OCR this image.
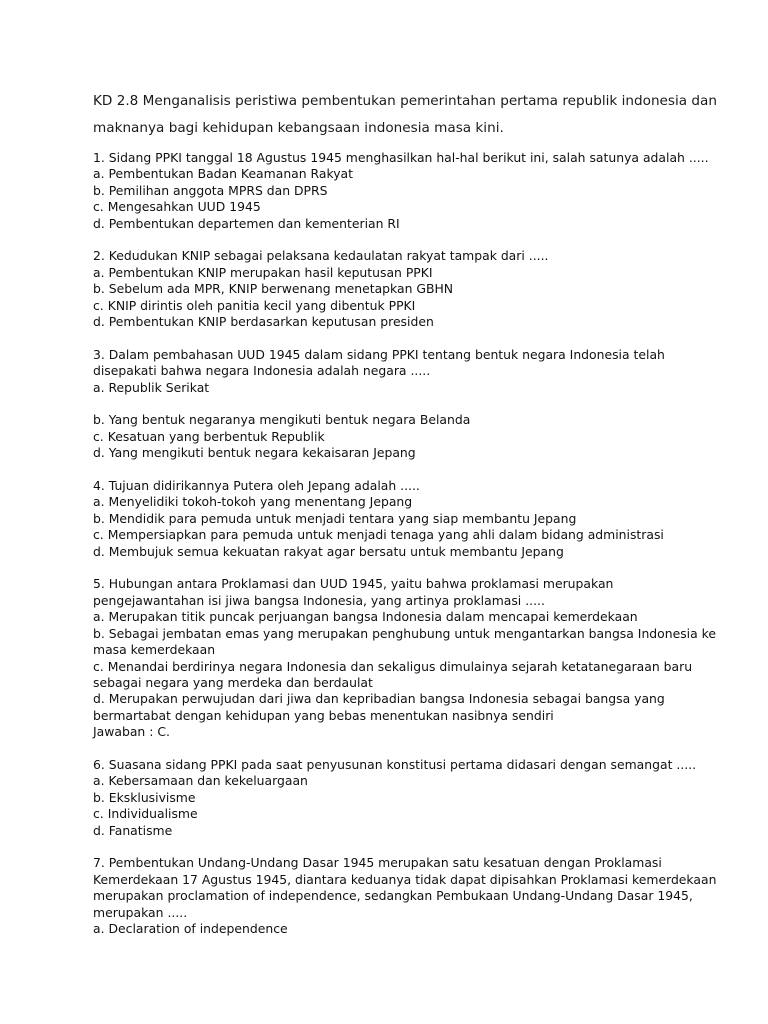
KD 2.8 Menganalisis peristiwa pembentukan pemerintahan pertama republik indonesia dan
maknanya bagi kehidupan kebangsaan indonesia masa kini.
1. Sidang PPKI tanggal 18 Agustus 1945 menghasilkan hal-hal berikut ini, salah satunya adalah .....
a. Pembentukan Badan Keamanan Rakyat
b. Pemilihan anggota MPRS dan DPRS
c. Mengesahkan UUD 1945
d. Pembentukan departemen dan kementerian RI
2. Kedudukan KNIP sebagai pelaksana kedaulatan rakyat tampak dari .....
a. Pembentukan KNIP merupakan hasil keputusan PPKI
b. Sebelum ada MPR, KNIP berwenang menetapkan GBHN
c. KNIP dirintis oleh panitia kecil yang dibentuk PPKI
d. Pembentukan KNIP berdasarkan keputusan presiden
3. Dalam pembahasan UUD 1945 dalam sidang PPKI tentang bentuk negara Indonesia telah
disepakati bahwa negara Indonesia adalah negara .....
a. Republik Serikat
b. Yang bentuk negaranya mengikuti bentuk negara Belanda
c. Kesatuan yang berbentuk Republik
d. Yang mengikuti bentuk negara kekaisaran Jepang
4. Tujuan didirikannya Putera oleh Jepang adalah .....
a. Menyelidiki tokoh-tokoh yang menentang Jepang
b. Mendidik para pemuda untuk menjadi tentara yang siap membantu Jepang
c. Mempersiapkan para pemuda untuk menjadi tenaga yang ahli dalam bidang administrasi
d. Membujuk semua kekuatan rakyat agar bersatu untuk membantu Jepang
5. Hubungan antara Proklamasi dan UUD 1945, yaitu bahwa proklamasi merupakan
pengejawantahan isi jiwa bangsa Indonesia, yang artinya proklamasi .....
a. Merupakan titik puncak perjuangan bangsa Indonesia dalam mencapai kemerdekaan
b. Sebagai jembatan emas yang merupakan penghubung untuk mengantarkan bangsa Indonesia ke
masa kemerdekaan
c. Menandai berdirinya negara Indonesia dan sekaligus dimulainya sejarah ketatanegaraan baru
sebagai negara yang merdeka dan berdaulat
d. Merupakan perwujudan dari jiwa dan kepribadian bangsa Indonesia sebagai bangsa yang
bermartabat dengan kehidupan yang bebas menentukan nasibnya sendiri
Jawaban : C.
6. Suasana sidang PPKI pada saat penyusunan konstitusi pertama didasari dengan semangat .....
a. Kebersamaan dan kekeluargaan
b. Eksklusivisme
c. Individualisme
d. Fanatisme
7. Pembentukan Undang-Undang Dasar 1945 merupakan satu kesatuan dengan Proklamasi
Kemerdekaan 17 Agustus 1945, diantara keduanya tidak dapat dipisahkan Proklamasi kemerdekaan
merupakan proclamation of independence, sedangkan Pembukaan Undang-Undang Dasar 1945,
merupakan .....
a. Declaration of independence
